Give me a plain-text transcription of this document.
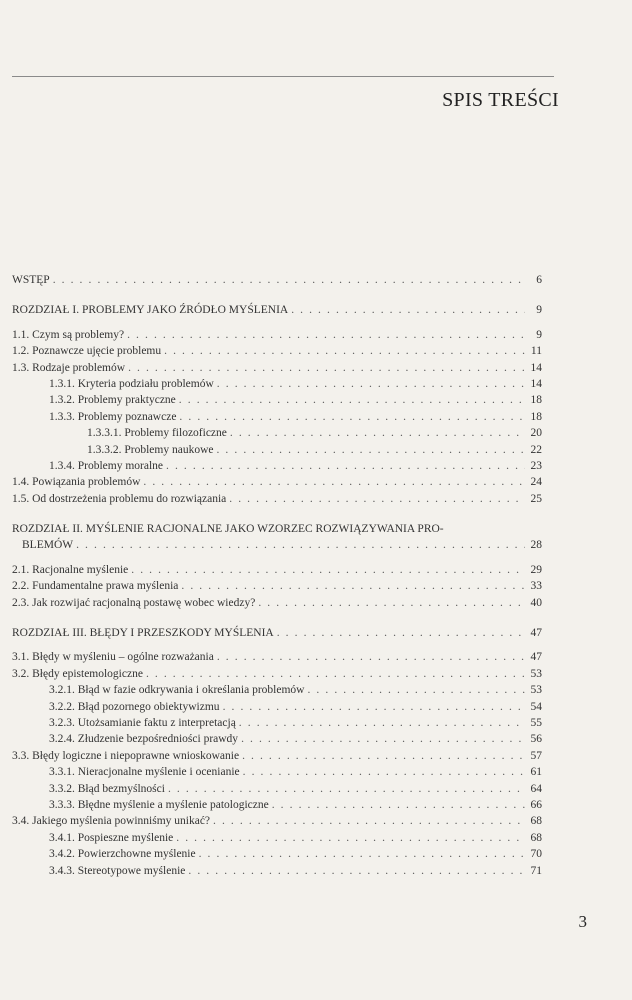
SPIS TREŚCI
WSTĘP . . .	6
ROZDZIAŁ I. PROBLEMY JAKO ŹRÓDŁO MYŚLENIA . . .	9
1.1. Czym są problemy? . . .	9
1.2. Poznawcze ujęcie problemu . . .	11
1.3. Rodzaje problemów . . .	14
1.3.1. Kryteria podziału problemów . . .	14
1.3.2. Problemy praktyczne . . .	18
1.3.3. Problemy poznawcze . . .	18
1.3.3.1. Problemy filozoficzne . . .	20
1.3.3.2. Problemy naukowe . . .	22
1.3.4. Problemy moralne . . .	23
1.4. Powiązania problemów . . .	24
1.5. Od dostrzeżenia problemu do rozwiązania . . .	25
ROZDZIAŁ II. MYŚLENIE RACJONALNE JAKO WZORZEC ROZWIĄZYWANIA PRO-
BLEMÓW . . .	28
2.1. Racjonalne myślenie . . .	29
2.2. Fundamentalne prawa myślenia . . .	33
2.3. Jak rozwijać racjonalną postawę wobec wiedzy? . . .	40
ROZDZIAŁ III. BŁĘDY I PRZESZKODY MYŚLENIA . . .	47
3.1. Błędy w myśleniu – ogólne rozważania . . .	47
3.2. Błędy epistemologiczne . . .	53
3.2.1. Błąd w fazie odkrywania i określania problemów . . .	53
3.2.2. Błąd pozornego obiektywizmu . . .	54
3.2.3. Utożsamianie faktu z interpretacją . . .	55
3.2.4. Złudzenie bezpośredniości prawdy . . .	56
3.3. Błędy logiczne i niepoprawne wnioskowanie . . .	57
3.3.1. Nieracjonalne myślenie i ocenianie . . .	61
3.3.2. Błąd bezmyślności . . .	64
3.3.3. Błędne myślenie a myślenie patologiczne . . .	66
3.4. Jakiego myślenia powinniśmy unikać? . . .	68
3.4.1. Pospieszne myślenie . . .	68
3.4.2. Powierzchowne myślenie . . .	70
3.4.3. Stereotypowe myślenie . . .	71
3
